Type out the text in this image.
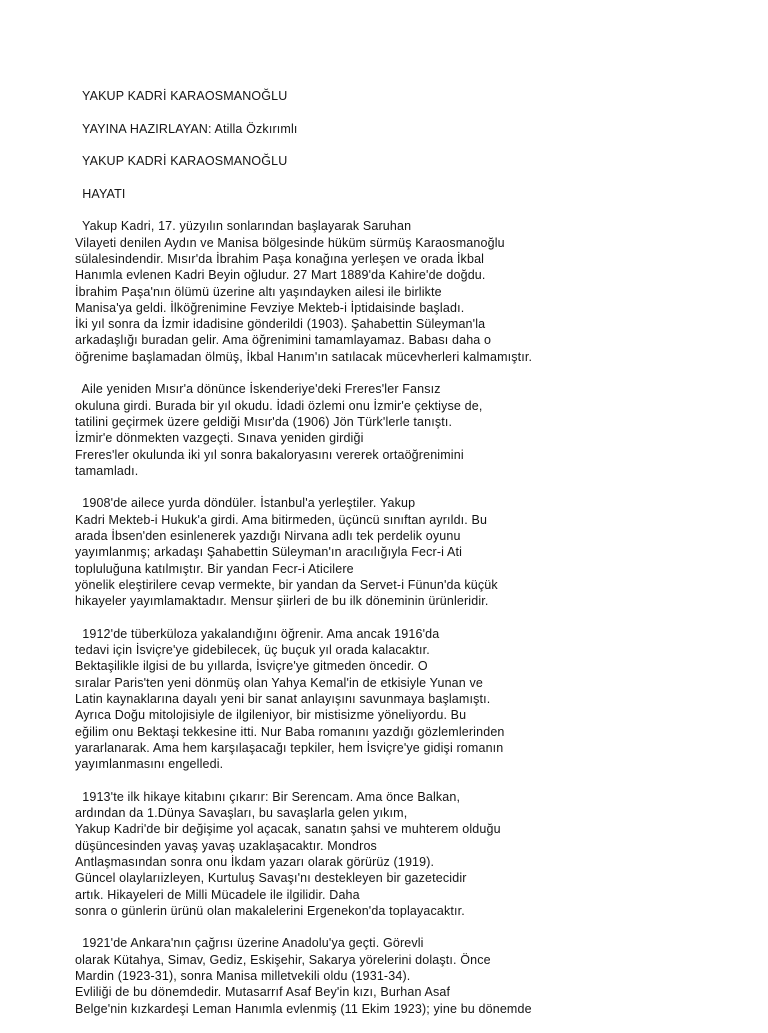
YAKUP KADRİ KARAOSMANOĞLU
YAYINA HAZIRLAYAN: Atilla Özkırımlı
YAKUP KADRİ KARAOSMANOĞLU
HAYATI
Yakup Kadri, 17. yüzyılın sonlarından başlayarak Saruhan
Vilayeti denilen Aydın ve Manisa bölgesinde hüküm sürmüş Karaosmanoğlu
sülalesindendir. Mısır'da İbrahim Paşa konağına yerleşen ve orada İkbal
Hanımla evlenen Kadri Beyin oğludur. 27 Mart 1889'da Kahire'de doğdu.
İbrahim Paşa'nın ölümü üzerine altı yaşındayken ailesi ile birlikte
Manisa'ya geldi. İlköğrenimine Fevziye Mekteb-i İptidaisinde başladı.
İki yıl sonra da İzmir idadisine gönderildi (1903). Şahabettin Süleyman'la
arkadaşlığı buradan gelir. Ama öğrenimini tamamlayamaz. Babası daha o
öğrenime başlamadan ölmüş, İkbal Hanım'ın satılacak mücevherleri kalmamıştır.
Aile yeniden Mısır'a dönünce İskenderiye'deki Freres'ler Fansız
okuluna girdi. Burada bir yıl okudu. İdadi özlemi onu İzmir'e çektiyse de,
tatilini geçirmek üzere geldiği Mısır'da (1906) Jön Türk'lerle tanıştı.
İzmir'e dönmekten vazgeçti. Sınava yeniden girdiği
Freres'ler okulunda iki yıl sonra bakaloryasını vererek ortaöğrenimini
tamamladı.
1908'de ailece yurda döndüler. İstanbul'a yerleştiler. Yakup
Kadri Mekteb-i Hukuk'a girdi. Ama bitirmeden, üçüncü sınıftan ayrıldı. Bu
arada İbsen'den esinlenerek yazdığı Nirvana adlı tek perdelik oyunu
yayımlanmış; arkadaşı Şahabettin Süleyman'ın aracılığıyla Fecr-i Ati
topluluğuna katılmıştır. Bir yandan Fecr-i Aticilere
yönelik eleştirilere cevap vermekte, bir yandan da Servet-i Fünun'da küçük
hikayeler yayımlamaktadır. Mensur şiirleri de bu ilk döneminin ürünleridir.
1912'de tüberküloza yakalandığını öğrenir. Ama ancak 1916'da
tedavi için İsviçre'ye gidebilecek, üç buçuk yıl orada kalacaktır.
Bektaşilikle ilgisi de bu yıllarda, İsviçre'ye gitmeden öncedir. O
sıralar Paris'ten yeni dönmüş olan Yahya Kemal'in de etkisiyle Yunan ve
Latin kaynaklarına dayalı yeni bir sanat anlayışını savunmaya başlamıştı.
Ayrıca Doğu mitolojisiyle de ilgileniyor, bir mistisizme yöneliyordu. Bu
eğilim onu Bektaşi tekkesine itti. Nur Baba romanını yazdığı gözlemlerinden
yararlanarak. Ama hem karşılaşacağı tepkiler, hem İsviçre'ye gidişi romanın
yayımlanmasını engelledi.
1913'te ilk hikaye kitabını çıkarır: Bir Serencam. Ama önce Balkan,
ardından da 1.Dünya Savaşları, bu savaşlarla gelen yıkım,
Yakup Kadri'de bir değişime yol açacak, sanatın şahsi ve muhterem olduğu
düşüncesinden yavaş yavaş uzaklaşacaktır. Mondros
Antlaşmasından sonra onu İkdam yazarı olarak görürüz (1919).
Güncel olaylarıizleyen, Kurtuluş Savaşı'nı destekleyen bir gazetecidir
artık. Hikayeleri de Milli Mücadele ile ilgilidir. Daha
sonra o günlerin ürünü olan makalelerini Ergenekon'da toplayacaktır.
1921'de Ankara'nın çağrısı üzerine Anadolu'ya geçti. Görevli
olarak Kütahya, Simav, Gediz, Eskişehir, Sakarya yörelerini dolaştı. Önce
Mardin (1923-31), sonra Manisa milletvekili oldu (1931-34).
Evliliği de bu dönemdedir. Mutasarrıf Asaf Bey'in kızı, Burhan Asaf
Belge'nin kızkardeşi Leman Hanımla evlenmiş (11 Ekim 1923); yine bu dönemde
